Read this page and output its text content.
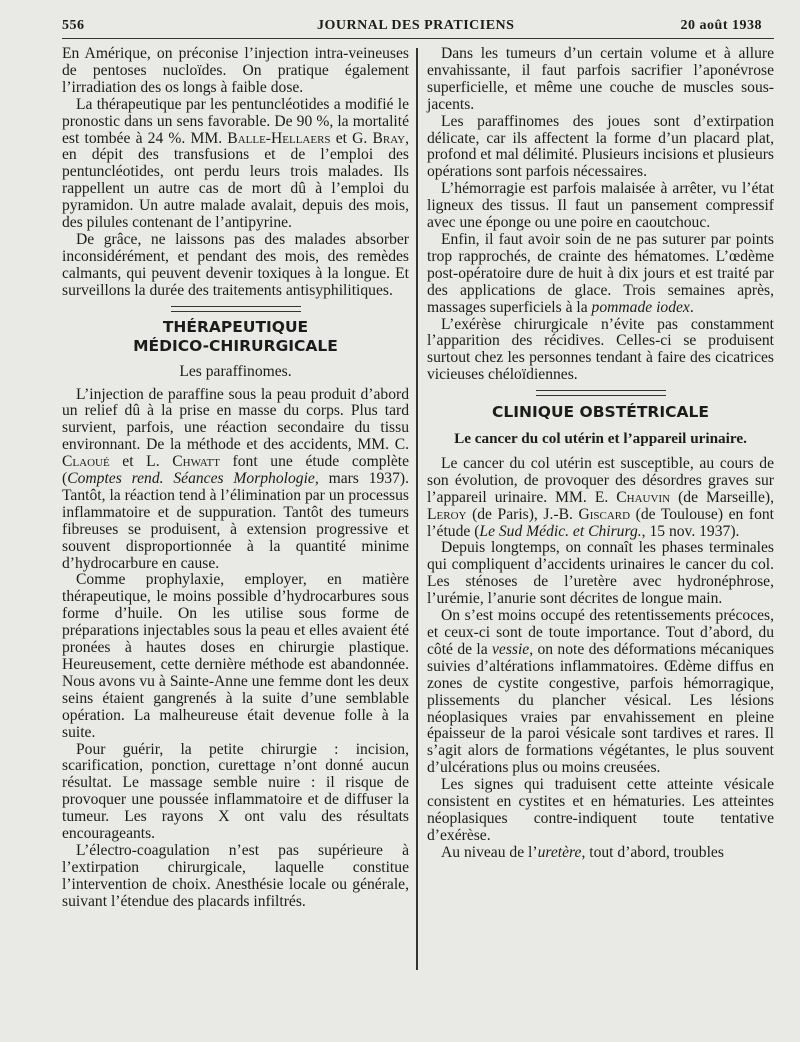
556	JOURNAL DES PRATICIENS	20 août 1938

En Amérique, on préconise l’injection intra-veineuses de pentoses nucloïdes. On pratique également l’irradiation des os longs à faible dose.

La thérapeutique par les pentuncléotides a modifié le pronostic dans un sens favorable. De 90 %, la mortalité est tombée à 24 %. MM. Balle-Hellaers et G. Bray, en dépit des transfusions et de l’emploi des pentuncléotides, ont perdu leurs trois malades. Ils rappellent un autre cas de mort dû à l’emploi du pyramidon. Un autre malade avalait, depuis des mois, des pilules contenant de l’antipyrine.

De grâce, ne laissons pas des malades absorber inconsidérément, et pendant des mois, des remèdes calmants, qui peuvent devenir toxiques à la longue. Et surveillons la durée des traitements antisyphilitiques.

THÉRAPEUTIQUE
MÉDICO-CHIRURGICALE
Les paraffinomes.

L’injection de paraffine sous la peau produit d’abord un relief dû à la prise en masse du corps. Plus tard survient, parfois, une réaction secondaire du tissu environnant. De la méthode et des accidents, MM. C. Claoué et L. Chwatt font une étude complète (Comptes rend. Séances Morphologie, mars 1937). Tantôt, la réaction tend à l’élimination par un processus inflammatoire et de suppuration. Tantôt des tumeurs fibreuses se produisent, à extension progressive et souvent disproportionnée à la quantité minime d’hydrocarbure en cause.

Comme prophylaxie, employer, en matière thérapeutique, le moins possible d’hydrocarbures sous forme d’huile. On les utilise sous forme de préparations injectables sous la peau et elles avaient été pronées à hautes doses en chirurgie plastique. Heureusement, cette dernière méthode est abandonnée. Nous avons vu à Sainte-Anne une femme dont les deux seins étaient gangrenés à la suite d’une semblable opération. La malheureuse était devenue folle à la suite.

Pour guérir, la petite chirurgie : incision, scarification, ponction, curettage n’ont donné aucun résultat. Le massage semble nuire : il risque de provoquer une poussée inflammatoire et de diffuser la tumeur. Les rayons X ont valu des résultats encourageants.

L’électro-coagulation n’est pas supérieure à l’extirpation chirurgicale, laquelle constitue l’intervention de choix. Anesthésie locale ou générale, suivant l’étendue des placards infiltrés.

Dans les tumeurs d’un certain volume et à allure envahissante, il faut parfois sacrifier l’aponévrose superficielle, et même une couche de muscles sous-jacents.

Les paraffinomes des joues sont d’extirpation délicate, car ils affectent la forme d’un placard plat, profond et mal délimité. Plusieurs incisions et plusieurs opérations sont parfois nécessaires.

L’hémorragie est parfois malaisée à arrêter, vu l’état ligneux des tissus. Il faut un pansement compressif avec une éponge ou une poire en caoutchouc.

Enfin, il faut avoir soin de ne pas suturer par points trop rapprochés, de crainte des hématomes. L’œdème post-opératoire dure de huit à dix jours et est traité par des applications de glace. Trois semaines après, massages superficiels à la pommade iodex.

L’exérèse chirurgicale n’évite pas constamment l’apparition des récidives. Celles-ci se produisent surtout chez les personnes tendant à faire des cicatrices vicieuses chéloïdiennes.

CLINIQUE OBSTÉTRICALE
Le cancer du col utérin et l’appareil urinaire.

Le cancer du col utérin est susceptible, au cours de son évolution, de provoquer des désordres graves sur l’appareil urinaire. MM. E. Chauvin (de Marseille), Leroy (de Paris), J.-B. Giscard (de Toulouse) en font l’étude (Le Sud Médic. et Chirurg., 15 nov. 1937).

Depuis longtemps, on connaît les phases terminales qui compliquent d’accidents urinaires le cancer du col. Les sténoses de l’uretère avec hydronéphrose, l’urémie, l’anurie sont décrites de longue main.

On s’est moins occupé des retentissements précoces, et ceux-ci sont de toute importance. Tout d’abord, du côté de la vessie, on note des déformations mécaniques suivies d’altérations inflammatoires. Œdème diffus en zones de cystite congestive, parfois hémorragique, plissements du plancher vésical. Les lésions néoplasiques vraies par envahissement en pleine épaisseur de la paroi vésicale sont tardives et rares. Il s’agit alors de formations végétantes, le plus souvent d’ulcérations plus ou moins creusées.

Les signes qui traduisent cette atteinte vésicale consistent en cystites et en hématuries. Les atteintes néoplasiques contre-indiquent toute tentative d’exérèse.

Au niveau de l’uretère, tout d’abord, troubles
